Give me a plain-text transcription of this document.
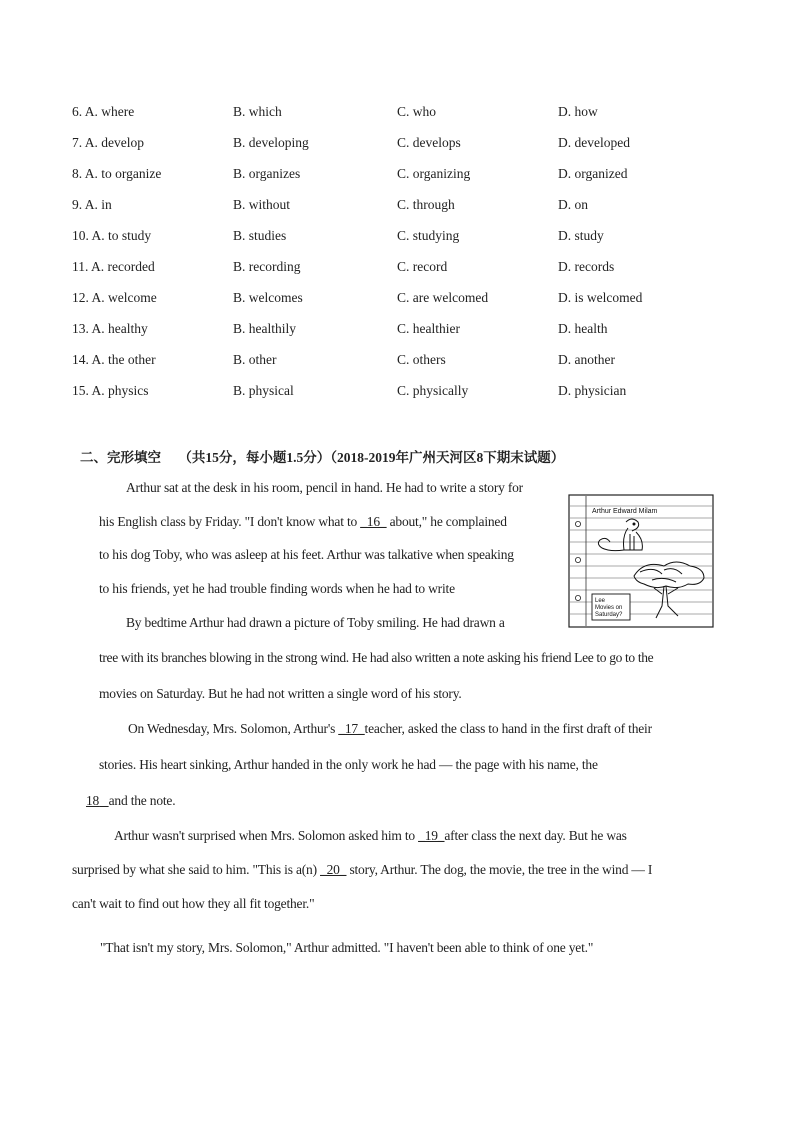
6. A. where	B. which	C. who	D. how
7. A. develop	B. developing	C. develops	D. developed
8. A. to organize	B. organizes	C. organizing	D. organized
9. A. in	B. without	C. through	D. on
10. A. to study	B. studies	C. studying	D. study
11. A. recorded	B. recording	C. record	D. records
12. A. welcome	B. welcomes	C. are welcomed	D. is welcomed
13. A. healthy	B. healthily	C. healthier	D. health
14. A. the other	B. other	C. others	D. another
15. A. physics	B. physical	C. physically	D. physician
二、完形填空 （共15分，每小题1.5分）（2018-2019年广州天河区8下期末试题）
Arthur Edward Milam
Lee
Movies on
Saturday?
Arthur sat at the desk in his room, pencil in hand. He had to write a story for
his English class by Friday. "I don't know what to _16_ about," he complained
to his dog Toby, who was asleep at his feet. Arthur was talkative when speaking
to his friends, yet he had trouble finding words when he had to write
By bedtime Arthur had drawn a picture of Toby smiling. He had drawn a
tree with its branches blowing in the strong wind. He had also written a note asking his friend Lee to go to the
movies on Saturday. But he had not written a single word of his story.
On Wednesday, Mrs. Solomon, Arthur's _17_teacher, asked the class to hand in the first draft of their
stories. His heart sinking, Arthur handed in the only work he had — the page with his name, the
18 and the note.
Arthur wasn't surprised when Mrs. Solomon asked him to _19_after class the next day. But he was
surprised by what she said to him. "This is a(n) _20_ story, Arthur. The dog, the movie, the tree in the wind — I
can't wait to find out how they all fit together."
"That isn't my story, Mrs. Solomon," Arthur admitted. "I haven't been able to think of one yet."
